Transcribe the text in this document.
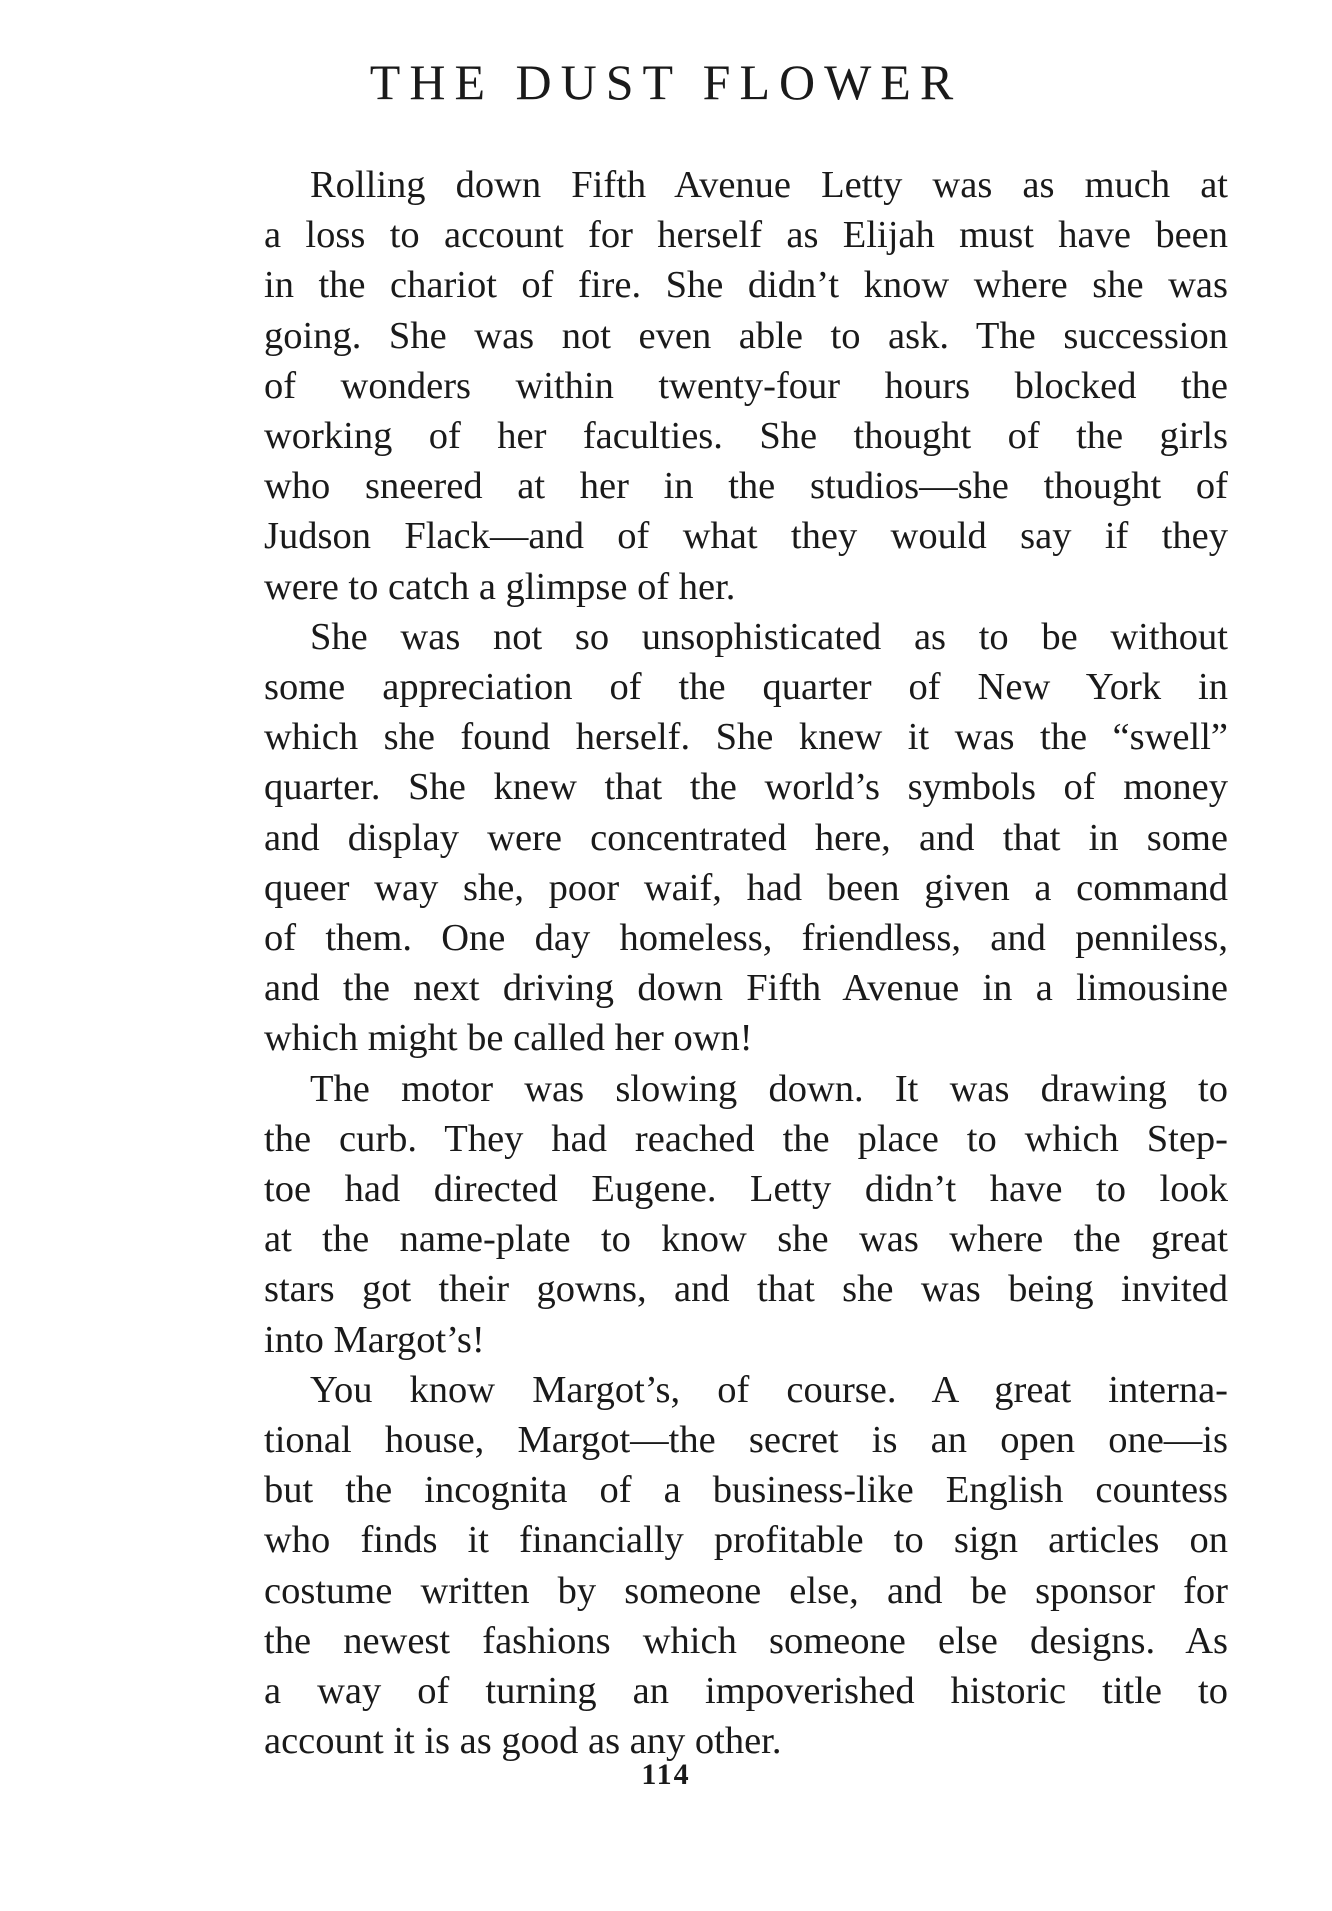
THE DUST FLOWER
Rolling down Fifth Avenue Letty was as much at
a loss to account for herself as Elijah must have been
in the chariot of fire. She didn’t know where she was
going. She was not even able to ask. The succession
of wonders within twenty-four hours blocked the
working of her faculties. She thought of the girls
who sneered at her in the studios—she thought of
Judson Flack—and of what they would say if they
were to catch a glimpse of her.
She was not so unsophisticated as to be without
some appreciation of the quarter of New York in
which she found herself. She knew it was the “swell”
quarter. She knew that the world’s symbols of money
and display were concentrated here, and that in some
queer way she, poor waif, had been given a command
of them. One day homeless, friendless, and penniless,
and the next driving down Fifth Avenue in a limousine
which might be called her own!
The motor was slowing down. It was drawing to
the curb. They had reached the place to which Step-
toe had directed Eugene. Letty didn’t have to look
at the name-plate to know she was where the great
stars got their gowns, and that she was being invited
into Margot’s!
You know Margot’s, of course. A great interna-
tional house, Margot—the secret is an open one—is
but the incognita of a business-like English countess
who finds it financially profitable to sign articles on
costume written by someone else, and be sponsor for
the newest fashions which someone else designs. As
a way of turning an impoverished historic title to
account it is as good as any other.
114
